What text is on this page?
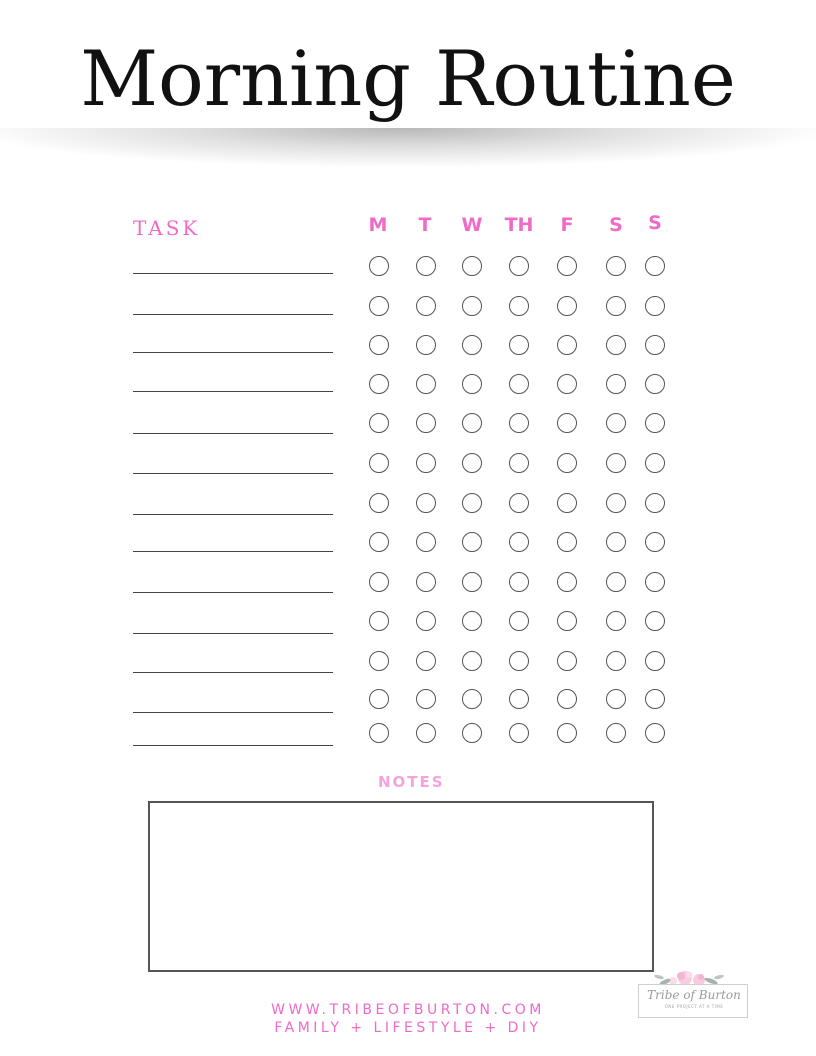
Morning Routine
TASK	M	T	W	TH	F	S	S
NOTES
WWW.TRIBEOFBURTON.COM
FAMILY + LIFESTYLE + DIY
Tribe of Burton
ONE PROJECT AT A TIME
